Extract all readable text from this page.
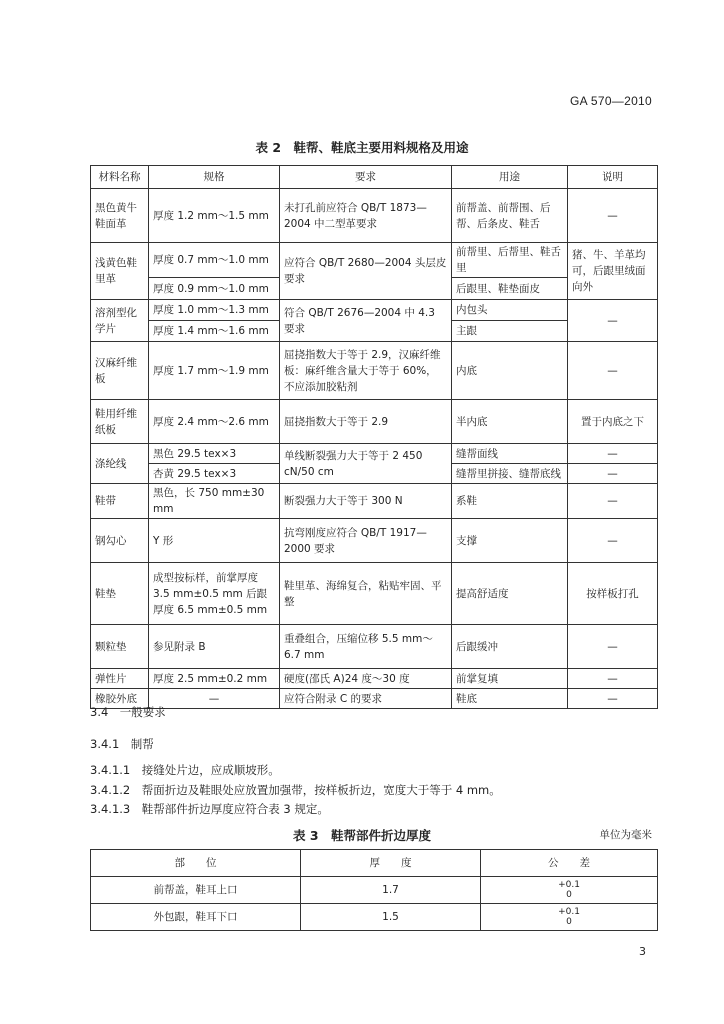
GA 570—2010
表 2　鞋帮、鞋底主要用料规格及用途
材料名称	规格	要求	用途	说明
黑色黄牛鞋面革	厚度 1.2 mm～1.5 mm	未打孔前应符合 QB/T 1873—2004 中二型革要求	前帮盖、前帮围、后帮、后条皮、鞋舌	—
浅黄色鞋里革	厚度 0.7 mm～1.0 mm	应符合 QB/T 2680—2004 头层皮要求	前帮里、后帮里、鞋舌里	猪、牛、羊革均可，后跟里绒面向外
	厚度 0.9 mm～1.0 mm		后跟里、鞋垫面皮	
溶剂型化学片	厚度 1.0 mm～1.3 mm	符合 QB/T 2676—2004 中 4.3 要求	内包头	—
	厚度 1.4 mm～1.6 mm		主跟	
汉麻纤维板	厚度 1.7 mm～1.9 mm	屈挠指数大于等于 2.9，汉麻纤维板：麻纤维含量大于等于 60%，不应添加胶粘剂	内底	—
鞋用纤维纸板	厚度 2.4 mm～2.6 mm	屈挠指数大于等于 2.9	半内底	置于内底之下
涤纶线	黑色 29.5 tex×3	单线断裂强力大于等于 2 450 cN/50 cm	缝帮面线	—
	杏黄 29.5 tex×3		缝帮里拼接、缝帮底线	—
鞋带	黑色，长 750 mm±30 mm	断裂强力大于等于 300 N	系鞋	—
钢勾心	Y 形	抗弯刚度应符合 QB/T 1917—2000 要求	支撑	—
鞋垫	成型按标样，前掌厚度 3.5 mm±0.5 mm 后跟厚度 6.5 mm±0.5 mm	鞋里革、海绵复合，粘贴牢固、平整	提高舒适度	按样板打孔
颗粒垫	参见附录 B	重叠组合，压缩位移 5.5 mm～6.7 mm	后跟缓冲	—
弹性片	厚度 2.5 mm±0.2 mm	硬度(邵氏 A)24 度～30 度	前掌复填	—
橡胶外底	—	应符合附录 C 的要求	鞋底	—
3.4　一般要求
3.4.1　制帮
3.4.1.1　接缝处片边，应成顺坡形。
3.4.1.2　帮面折边及鞋眼处应放置加强带，按样板折边，宽度大于等于 4 mm。
3.4.1.3　鞋帮部件折边厚度应符合表 3 规定。
表 3　鞋帮部件折边厚度	单位为毫米
部　　位	厚　　度	公　　差
前帮盖，鞋耳上口	1.7	+0.1
0
外包跟，鞋耳下口	1.5	+0.1
0
3
